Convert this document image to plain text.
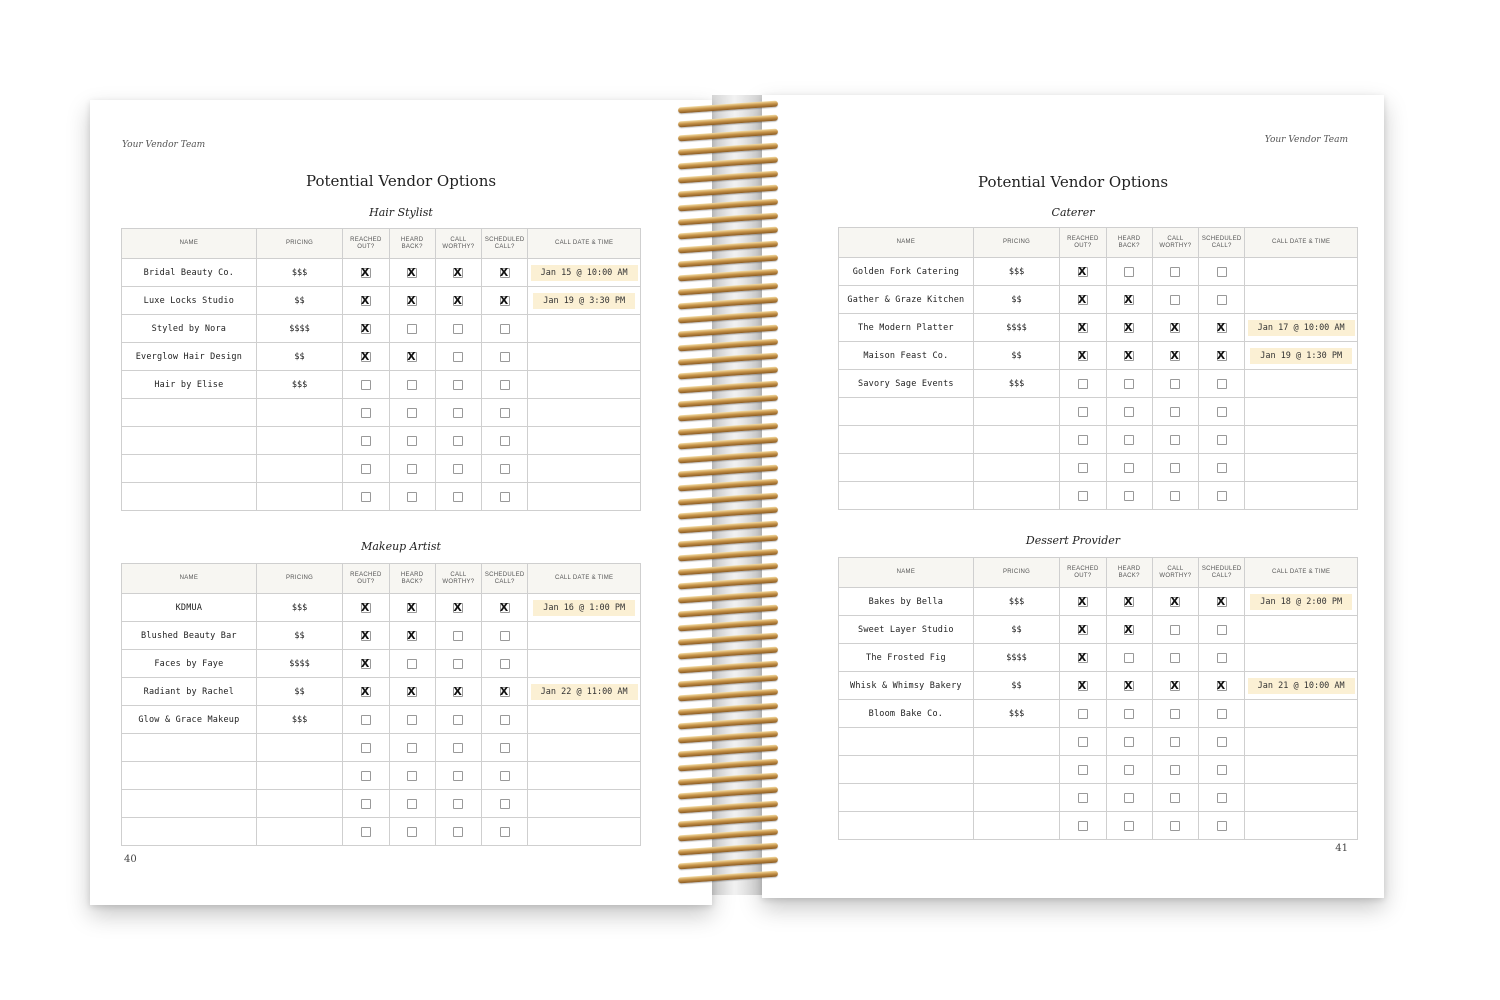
Your Vendor Team
Potential Vendor Options
Hair Stylist
NAME	PRICING	REACHED OUT?	HEARD BACK?	CALL WORTHY?	SCHEDULED CALL?	CALL DATE & TIME
Bridal Beauty Co.	$$$	X	X	X	X	Jan 15 @ 10:00 AM
Luxe Locks Studio	$$	X	X	X	X	Jan 19 @ 3:30 PM
Styled by Nora	$$$$	X				
Everglow Hair Design	$$	X	X			
Hair by Elise	$$$					

Makeup Artist
NAME	PRICING	REACHED OUT?	HEARD BACK?	CALL WORTHY?	SCHEDULED CALL?	CALL DATE & TIME
KDMUA	$$$	X	X	X	X	Jan 16 @ 1:00 PM
Blushed Beauty Bar	$$	X	X			
Faces by Faye	$$$$	X				
Radiant by Rachel	$$	X	X	X	X	Jan 22 @ 11:00 AM
Glow & Grace Makeup	$$$					

40
Your Vendor Team
Potential Vendor Options
Caterer
NAME	PRICING	REACHED OUT?	HEARD BACK?	CALL WORTHY?	SCHEDULED CALL?	CALL DATE & TIME
Golden Fork Catering	$$$	X				
Gather & Graze Kitchen	$$	X	X			
The Modern Platter	$$$$	X	X	X	X	Jan 17 @ 10:00 AM
Maison Feast Co.	$$	X	X	X	X	Jan 19 @ 1:30 PM
Savory Sage Events	$$$					

Dessert Provider
NAME	PRICING	REACHED OUT?	HEARD BACK?	CALL WORTHY?	SCHEDULED CALL?	CALL DATE & TIME
Bakes by Bella	$$$	X	X	X	X	Jan 18 @ 2:00 PM
Sweet Layer Studio	$$	X	X			
The Frosted Fig	$$$$	X				
Whisk & Whimsy Bakery	$$	X	X	X	X	Jan 21 @ 10:00 AM
Bloom Bake Co.	$$$					

41
